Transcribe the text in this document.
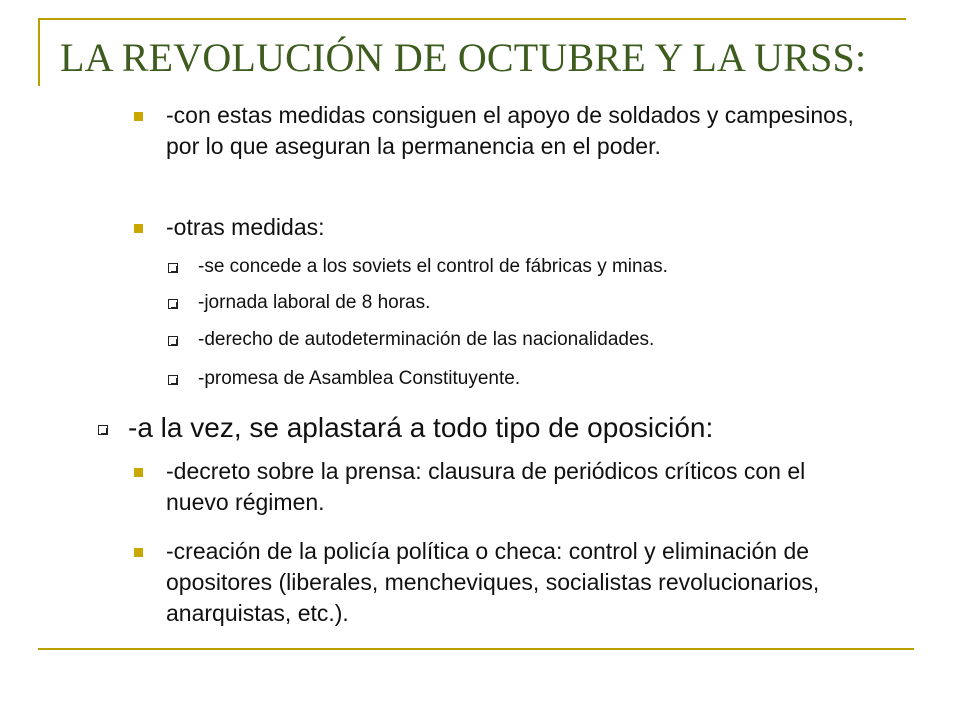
LA REVOLUCIÓN DE OCTUBRE Y LA URSS:
-con estas medidas consiguen el apoyo de soldados y campesinos, por lo que aseguran la permanencia en el poder.
-otras medidas:
-se concede a los soviets el control de fábricas y minas.
-jornada laboral de 8 horas.
-derecho de autodeterminación de las nacionalidades.
-promesa de Asamblea Constituyente.
-a la vez, se aplastará a todo tipo de oposición:
-decreto sobre la prensa: clausura de periódicos críticos con el nuevo régimen.
-creación de la policía política o checa: control y eliminación de opositores (liberales, mencheviques, socialistas revolucionarios, anarquistas, etc.).
